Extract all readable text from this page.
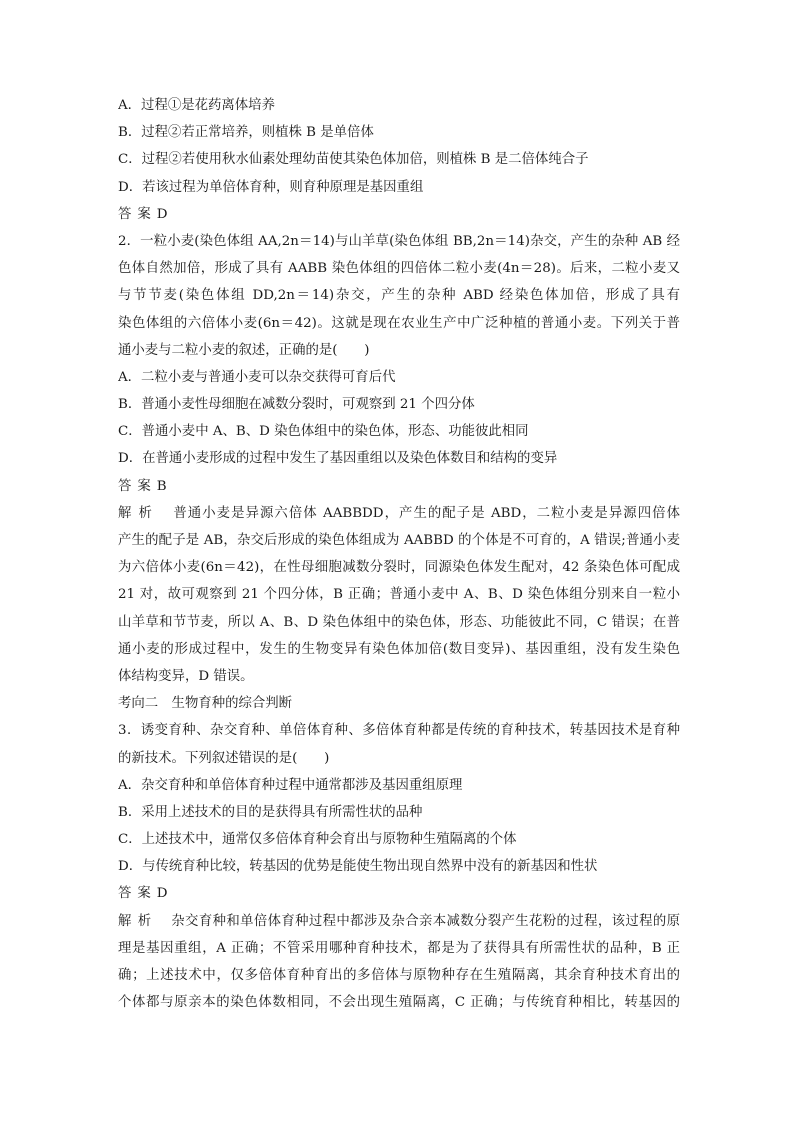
A．过程①是花药离体培养
B．过程②若正常培养，则植株 B 是单倍体
C．过程②若使用秋水仙素处理幼苗使其染色体加倍，则植株 B 是二倍体纯合子
D．若该过程为单倍体育种，则育种原理是基因重组
答案D
2．一粒小麦(染色体组 AA,2n＝14)与山羊草(染色体组 BB,2n＝14)杂交，产生的杂种 AB 经
色体自然加倍，形成了具有 AABB 染色体组的四倍体二粒小麦(4n＝28)。后来，二粒小麦又
与节节麦(染色体组 DD,2n＝14)杂交，产生的杂种 ABD 经染色体加倍，形成了具有
染色体组的六倍体小麦(6n＝42)。这就是现在农业生产中广泛种植的普通小麦。下列关于普
通小麦与二粒小麦的叙述，正确的是(　　)
A．二粒小麦与普通小麦可以杂交获得可育后代
B．普通小麦性母细胞在减数分裂时，可观察到 21 个四分体
C．普通小麦中 A、B、D 染色体组中的染色体，形态、功能彼此相同
D．在普通小麦形成的过程中发生了基因重组以及染色体数目和结构的变异
答案B
解析　 普通小麦是异源六倍体 AABBDD，产生的配子是 ABD，二粒小麦是异源四倍体
产生的配子是 AB，杂交后形成的染色体组成为 AABBD 的个体是不可育的，A 错误;普通小麦
为六倍体小麦(6n＝42)，在性母细胞减数分裂时，同源染色体发生配对，42 条染色体可配成
21 对，故可观察到 21 个四分体，B 正确；普通小麦中 A、B、D 染色体组分别来自一粒小
山羊草和节节麦，所以 A、B、D 染色体组中的染色体，形态、功能彼此不同，C 错误；在普
通小麦的形成过程中，发生的生物变异有染色体加倍(数目变异)、基因重组，没有发生染色
体结构变异，D 错误。
考向二　生物育种的综合判断
3．诱变育种、杂交育种、单倍体育种、多倍体育种都是传统的育种技术，转基因技术是育种
的新技术。下列叙述错误的是(　　)
A．杂交育种和单倍体育种过程中通常都涉及基因重组原理
B．采用上述技术的目的是获得具有所需性状的品种
C．上述技术中，通常仅多倍体育种会育出与原物种生殖隔离的个体
D．与传统育种比较，转基因的优势是能使生物出现自然界中没有的新基因和性状
答案D
解析　 杂交育种和单倍体育种过程中都涉及杂合亲本减数分裂产生花粉的过程，该过程的原
理是基因重组，A 正确；不管采用哪种育种技术，都是为了获得具有所需性状的品种，B 正
确；上述技术中，仅多倍体育种育出的多倍体与原物种存在生殖隔离，其余育种技术育出的
个体都与原亲本的染色体数相同，不会出现生殖隔离，C 正确；与传统育种相比，转基因的
